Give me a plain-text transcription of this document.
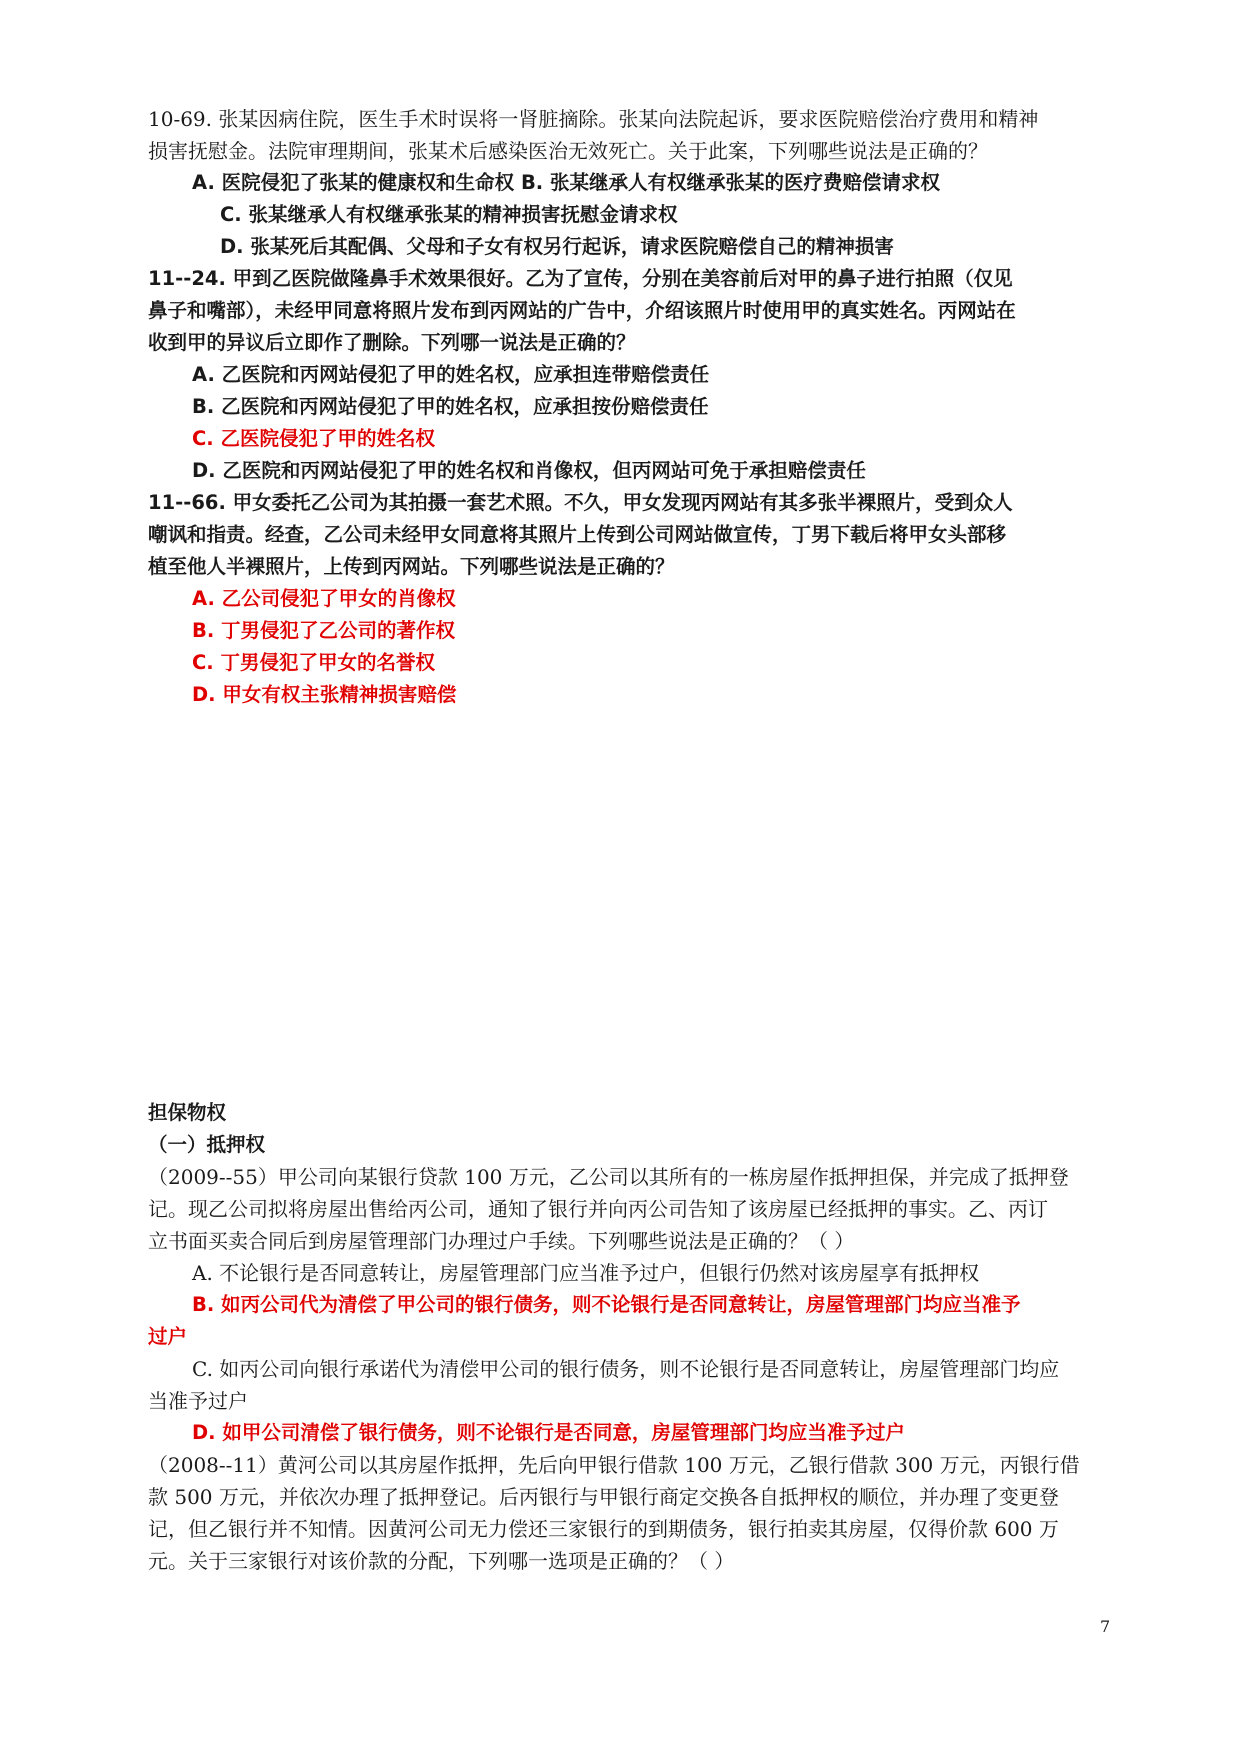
10-69. 张某因病住院，医生手术时误将一肾脏摘除。张某向法院起诉，要求医院赔偿治疗费用和精神
损害抚慰金。法院审理期间，张某术后感染医治无效死亡。关于此案，下列哪些说法是正确的？
A. 医院侵犯了张某的健康权和生命权 B. 张某继承人有权继承张某的医疗费赔偿请求权
C. 张某继承人有权继承张某的精神损害抚慰金请求权
D. 张某死后其配偶、父母和子女有权另行起诉，请求医院赔偿自己的精神损害
11--24. 甲到乙医院做隆鼻手术效果很好。乙为了宣传，分别在美容前后对甲的鼻子进行拍照（仅见
鼻子和嘴部），未经甲同意将照片发布到丙网站的广告中，介绍该照片时使用甲的真实姓名。丙网站在
收到甲的异议后立即作了删除。下列哪一说法是正确的？
A. 乙医院和丙网站侵犯了甲的姓名权，应承担连带赔偿责任
B. 乙医院和丙网站侵犯了甲的姓名权，应承担按份赔偿责任
C. 乙医院侵犯了甲的姓名权
D. 乙医院和丙网站侵犯了甲的姓名权和肖像权，但丙网站可免于承担赔偿责任
11--66. 甲女委托乙公司为其拍摄一套艺术照。不久，甲女发现丙网站有其多张半裸照片，受到众人
嘲讽和指责。经查，乙公司未经甲女同意将其照片上传到公司网站做宣传，丁男下载后将甲女头部移
植至他人半裸照片，上传到丙网站。下列哪些说法是正确的？
A. 乙公司侵犯了甲女的肖像权
B. 丁男侵犯了乙公司的著作权
C. 丁男侵犯了甲女的名誉权
D. 甲女有权主张精神损害赔偿
担保物权
（一）抵押权
（2009--55）甲公司向某银行贷款 100 万元，乙公司以其所有的一栋房屋作抵押担保，并完成了抵押登
记。现乙公司拟将房屋出售给丙公司，通知了银行并向丙公司告知了该房屋已经抵押的事实。乙、丙订
立书面买卖合同后到房屋管理部门办理过户手续。下列哪些说法是正确的？（ ）
A. 不论银行是否同意转让，房屋管理部门应当准予过户，但银行仍然对该房屋享有抵押权
B. 如丙公司代为清偿了甲公司的银行债务，则不论银行是否同意转让，房屋管理部门均应当准予
过户
C. 如丙公司向银行承诺代为清偿甲公司的银行债务，则不论银行是否同意转让，房屋管理部门均应
当准予过户
D. 如甲公司清偿了银行债务，则不论银行是否同意，房屋管理部门均应当准予过户
（2008--11）黄河公司以其房屋作抵押，先后向甲银行借款 100 万元，乙银行借款 300 万元，丙银行借
款 500 万元，并依次办理了抵押登记。后丙银行与甲银行商定交换各自抵押权的顺位，并办理了变更登
记，但乙银行并不知情。因黄河公司无力偿还三家银行的到期债务，银行拍卖其房屋，仅得价款 600 万
元。关于三家银行对该价款的分配，下列哪一选项是正确的？（ ）
7
